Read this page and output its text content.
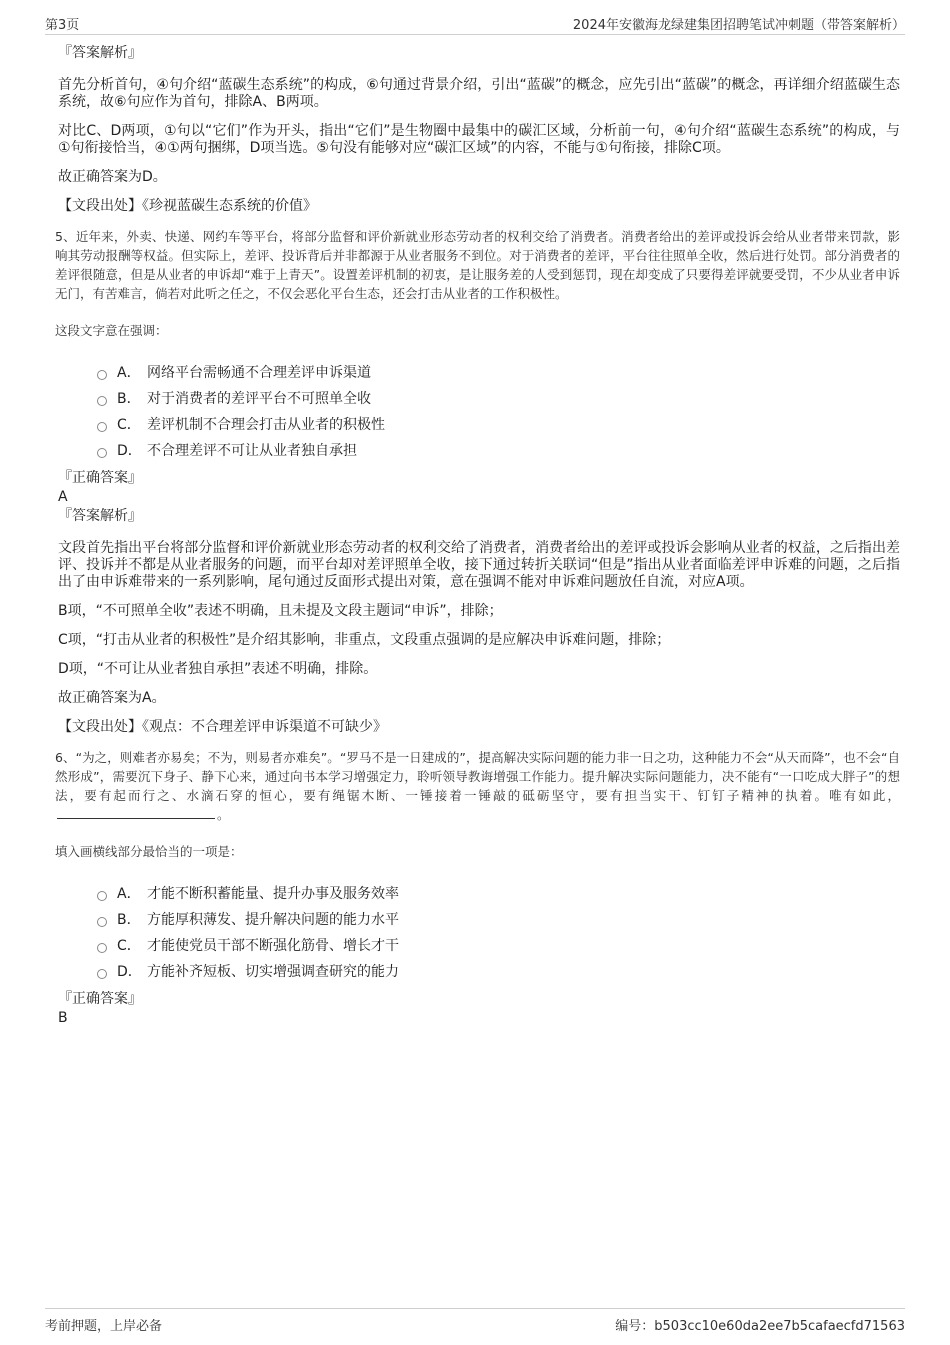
第3页	2024年安徽海龙绿建集团招聘笔试冲刺题（带答案解析）
『答案解析』
首先分析首句，④句介绍“蓝碳生态系统”的构成，⑥句通过背景介绍，引出“蓝碳”的概念，应先引出“蓝碳”的概念，再详细介绍蓝碳生态系统，故⑥句应作为首句，排除A、B两项。
对比C、D两项，①句以“它们”作为开头，指出“它们”是生物圈中最集中的碳汇区域，分析前一句，④句介绍“蓝碳生态系统”的构成，与①句衔接恰当，④①两句捆绑，D项当选。⑤句没有能够对应“碳汇区域”的内容，不能与①句衔接，排除C项。
故正确答案为D。
【文段出处】《珍视蓝碳生态系统的价值》
5、近年来，外卖、快递、网约车等平台，将部分监督和评价新就业形态劳动者的权利交给了消费者。消费者给出的差评或投诉会给从业者带来罚款，影响其劳动报酬等权益。但实际上，差评、投诉背后并非都源于从业者服务不到位。对于消费者的差评，平台往往照单全收，然后进行处罚。部分消费者的差评很随意，但是从业者的申诉却“难于上青天”。设置差评机制的初衷，是让服务差的人受到惩罚，现在却变成了只要得差评就要受罚，不少从业者申诉无门，有苦难言，倘若对此听之任之，不仅会恶化平台生态，还会打击从业者的工作积极性。
这段文字意在强调：
A． 网络平台需畅通不合理差评申诉渠道
B． 对于消费者的差评平台不可照单全收
C． 差评机制不合理会打击从业者的积极性
D． 不合理差评不可让从业者独自承担
『正确答案』
A
『答案解析』
文段首先指出平台将部分监督和评价新就业形态劳动者的权利交给了消费者，消费者给出的差评或投诉会影响从业者的权益，之后指出差评、投诉并不都是从业者服务的问题，而平台却对差评照单全收，接下通过转折关联词“但是”指出从业者面临差评申诉难的问题，之后指出了由申诉难带来的一系列影响，尾句通过反面形式提出对策，意在强调不能对申诉难问题放任自流，对应A项。
B项，“不可照单全收”表述不明确，且未提及文段主题词“申诉”，排除；
C项，“打击从业者的积极性”是介绍其影响，非重点，文段重点强调的是应解决申诉难问题，排除；
D项，“不可让从业者独自承担”表述不明确，排除。
故正确答案为A。
【文段出处】《观点：不合理差评申诉渠道不可缺少》
6、“为之，则难者亦易矣；不为，则易者亦难矣”。“罗马不是一日建成的”，提高解决实际问题的能力非一日之功，这种能力不会“从天而降”，也不会“自然形成”，需要沉下身子、静下心来，通过向书本学习增强定力，聆听领导教诲增强工作能力。提升解决实际问题能力，决不能有“一口吃成大胖子”的想法，要有起而行之、水滴石穿的恒心，要有绳锯木断、一锤接着一锤敲的砥砺坚守，要有担当实干、钉钉子精神的执着。唯有如此，。
填入画横线部分最恰当的一项是：
A． 才能不断积蓄能量、提升办事及服务效率
B． 方能厚积薄发、提升解决问题的能力水平
C． 才能使党员干部不断强化筋骨、增长才干
D． 方能补齐短板、切实增强调查研究的能力
『正确答案』
B
考前押题，上岸必备	编号：b503cc10e60da2ee7b5cafaecfd71563
